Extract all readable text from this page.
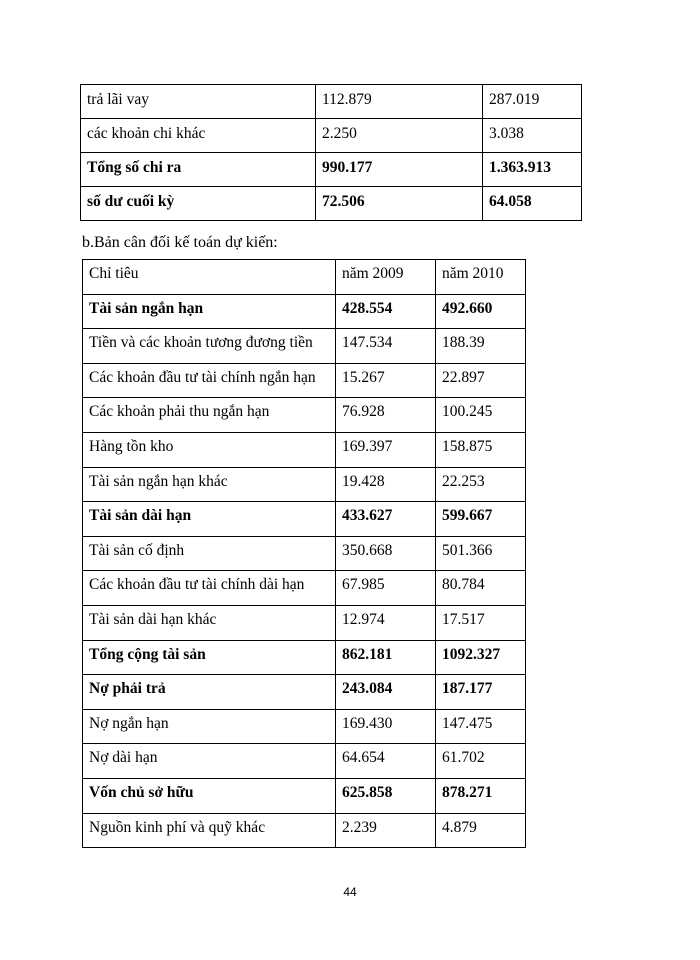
trả lãi vay	112.879	287.019
các khoản chi khác	2.250	3.038
Tổng số chi ra	990.177	1.363.913
số dư cuối kỳ	72.506	64.058
b.Bản cân đối kế toán dự kiến:
Chỉ tiêu	năm 2009	năm 2010
Tài sản ngắn hạn	428.554	492.660
Tiền và các khoản tương đương tiền	147.534	188.39
Các khoản đầu tư tài chính ngắn hạn	15.267	22.897
Các khoản phải thu ngắn hạn	76.928	100.245
Hàng tồn kho	169.397	158.875
Tài sản ngắn hạn khác	19.428	22.253
Tài sản dài hạn	433.627	599.667
Tài sản cố định	350.668	501.366
Các khoản đầu tư tài chính dài hạn	67.985	80.784
Tài sản dài hạn khác	12.974	17.517
Tổng cộng tài sản	862.181	1092.327
Nợ phải trả	243.084	187.177
Nợ ngắn hạn	169.430	147.475
Nợ dài hạn	64.654	61.702
Vốn chủ sở hữu	625.858	878.271
Nguồn kinh phí và quỹ khác	2.239	4.879
44
